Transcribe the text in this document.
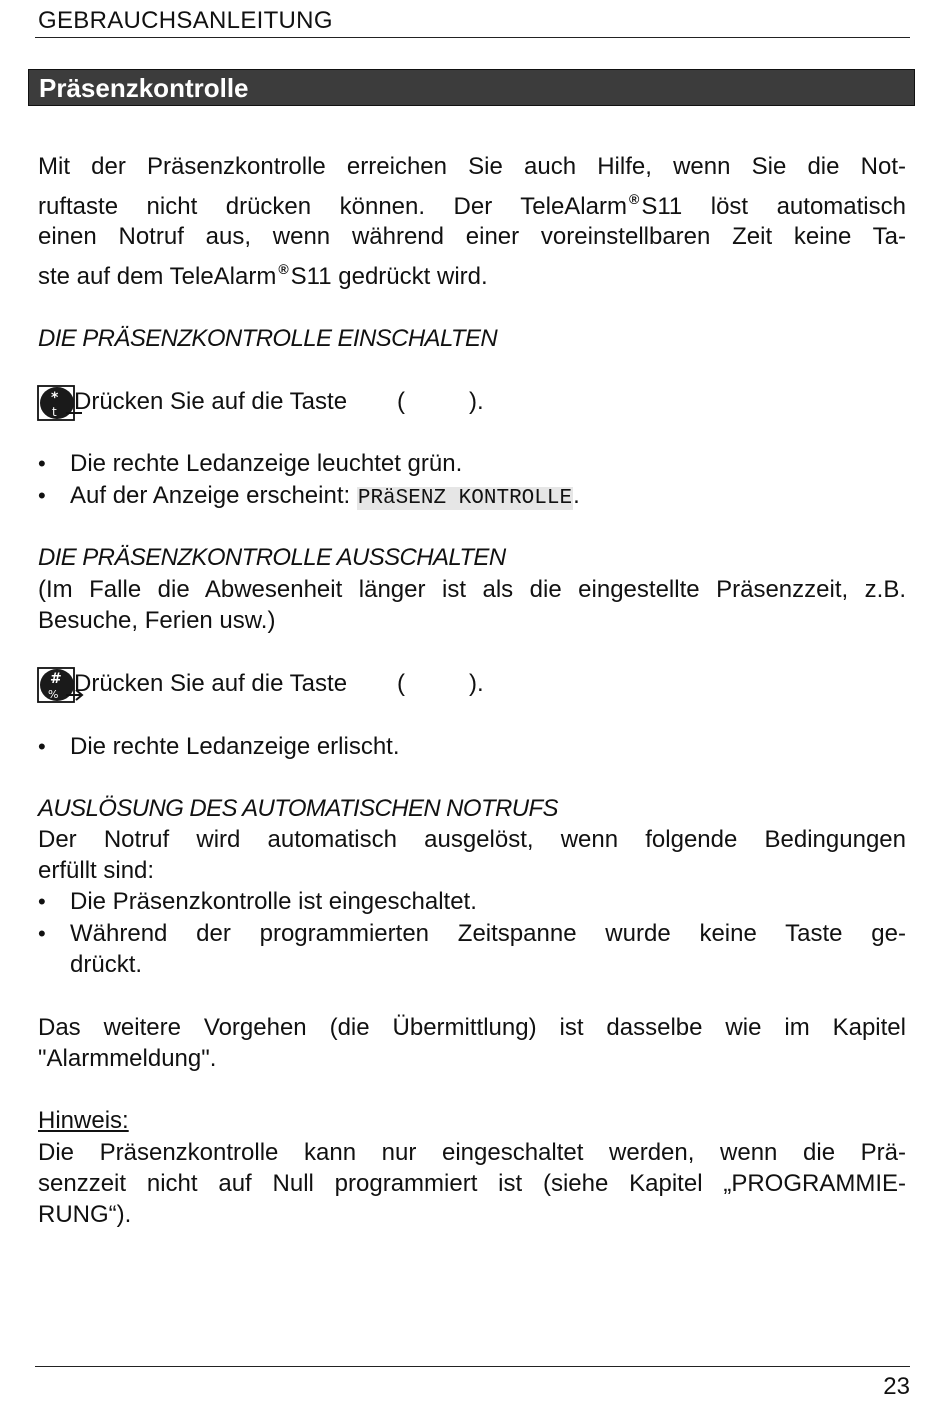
GEBRAUCHSANLEITUNG
Präsenzkontrolle
Mit der Präsenzkontrolle erreichen Sie auch Hilfe, wenn Sie die Not-
ruftaste nicht drücken können. Der TeleAlarm ®S11 löst automatisch
einen Notruf aus, wenn während einer voreinstellbaren Zeit keine Ta-
ste auf dem TeleAlarm ®S11 gedrückt wird.
DIE PRÄSENZKONTROLLE EINSCHALTEN
*
t Drücken Sie auf die Taste (	).
• Die rechte Ledanzeige leuchtet grün.
• Auf der Anzeige erscheint: PRäSENZ KONTROLLE.
DIE PRÄSENZKONTROLLE AUSSCHALTEN
(Im Falle die Abwesenheit länger ist als die eingestellte Präsenzzeit, z.B.
Besuche, Ferien usw.)
#
% Drücken Sie auf die Taste (	).
• Die rechte Ledanzeige erlischt.
AUSLÖSUNG DES AUTOMATISCHEN NOTRUFS
Der Notruf wird automatisch ausgelöst, wenn folgende Bedingungen
erfüllt sind:
• Die Präsenzkontrolle ist eingeschaltet.
• Während der programmierten Zeitspanne wurde keine Taste ge-
drückt.
Das weitere Vorgehen (die Übermittlung) ist dasselbe wie im Kapitel
"Alarmmeldung".
Hinweis:
Die Präsenzkontrolle kann nur eingeschaltet werden, wenn die Prä-
senzzeit nicht auf Null programmiert ist (siehe Kapitel „PROGRAMMIE-
RUNG“).
23
